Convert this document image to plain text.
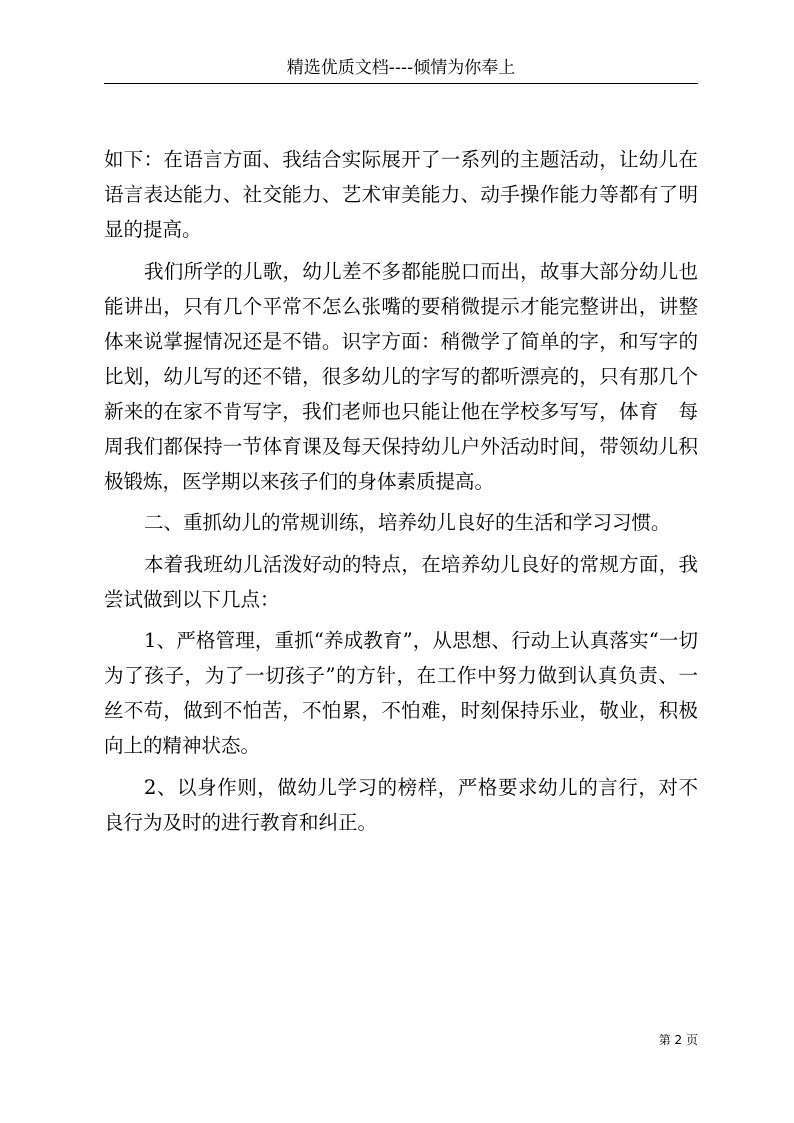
精选优质文档----倾情为你奉上

如下：在语言方面、我结合实际展开了一系列的主题活动，让幼儿在语言表达能力、社交能力、艺术审美能力、动手操作能力等都有了明显的提高。

我们所学的儿歌，幼儿差不多都能脱口而出，故事大部分幼儿也能讲出，只有几个平常不怎么张嘴的要稍微提示才能完整讲出，讲整体来说掌握情况还是不错。识字方面：稍微学了简单的字，和写字的比划，幼儿写的还不错，很多幼儿的字写的都听漂亮的，只有那几个新来的在家不肯写字，我们老师也只能让他在学校多写写，体育　每周我们都保持一节体育课及每天保持幼儿户外活动时间，带领幼儿积极锻炼，医学期以来孩子们的身体素质提高。

二、重抓幼儿的常规训练，培养幼儿良好的生活和学习习惯。

本着我班幼儿活泼好动的特点，在培养幼儿良好的常规方面，我尝试做到以下几点：

1、严格管理，重抓“养成教育”，从思想、行动上认真落实“一切为了孩子，为了一切孩子”的方针，在工作中努力做到认真负责、一丝不苟，做到不怕苦，不怕累，不怕难，时刻保持乐业，敬业，积极向上的精神状态。

2、以身作则，做幼儿学习的榜样，严格要求幼儿的言行，对不良行为及时的进行教育和纠正。

第 2 页
